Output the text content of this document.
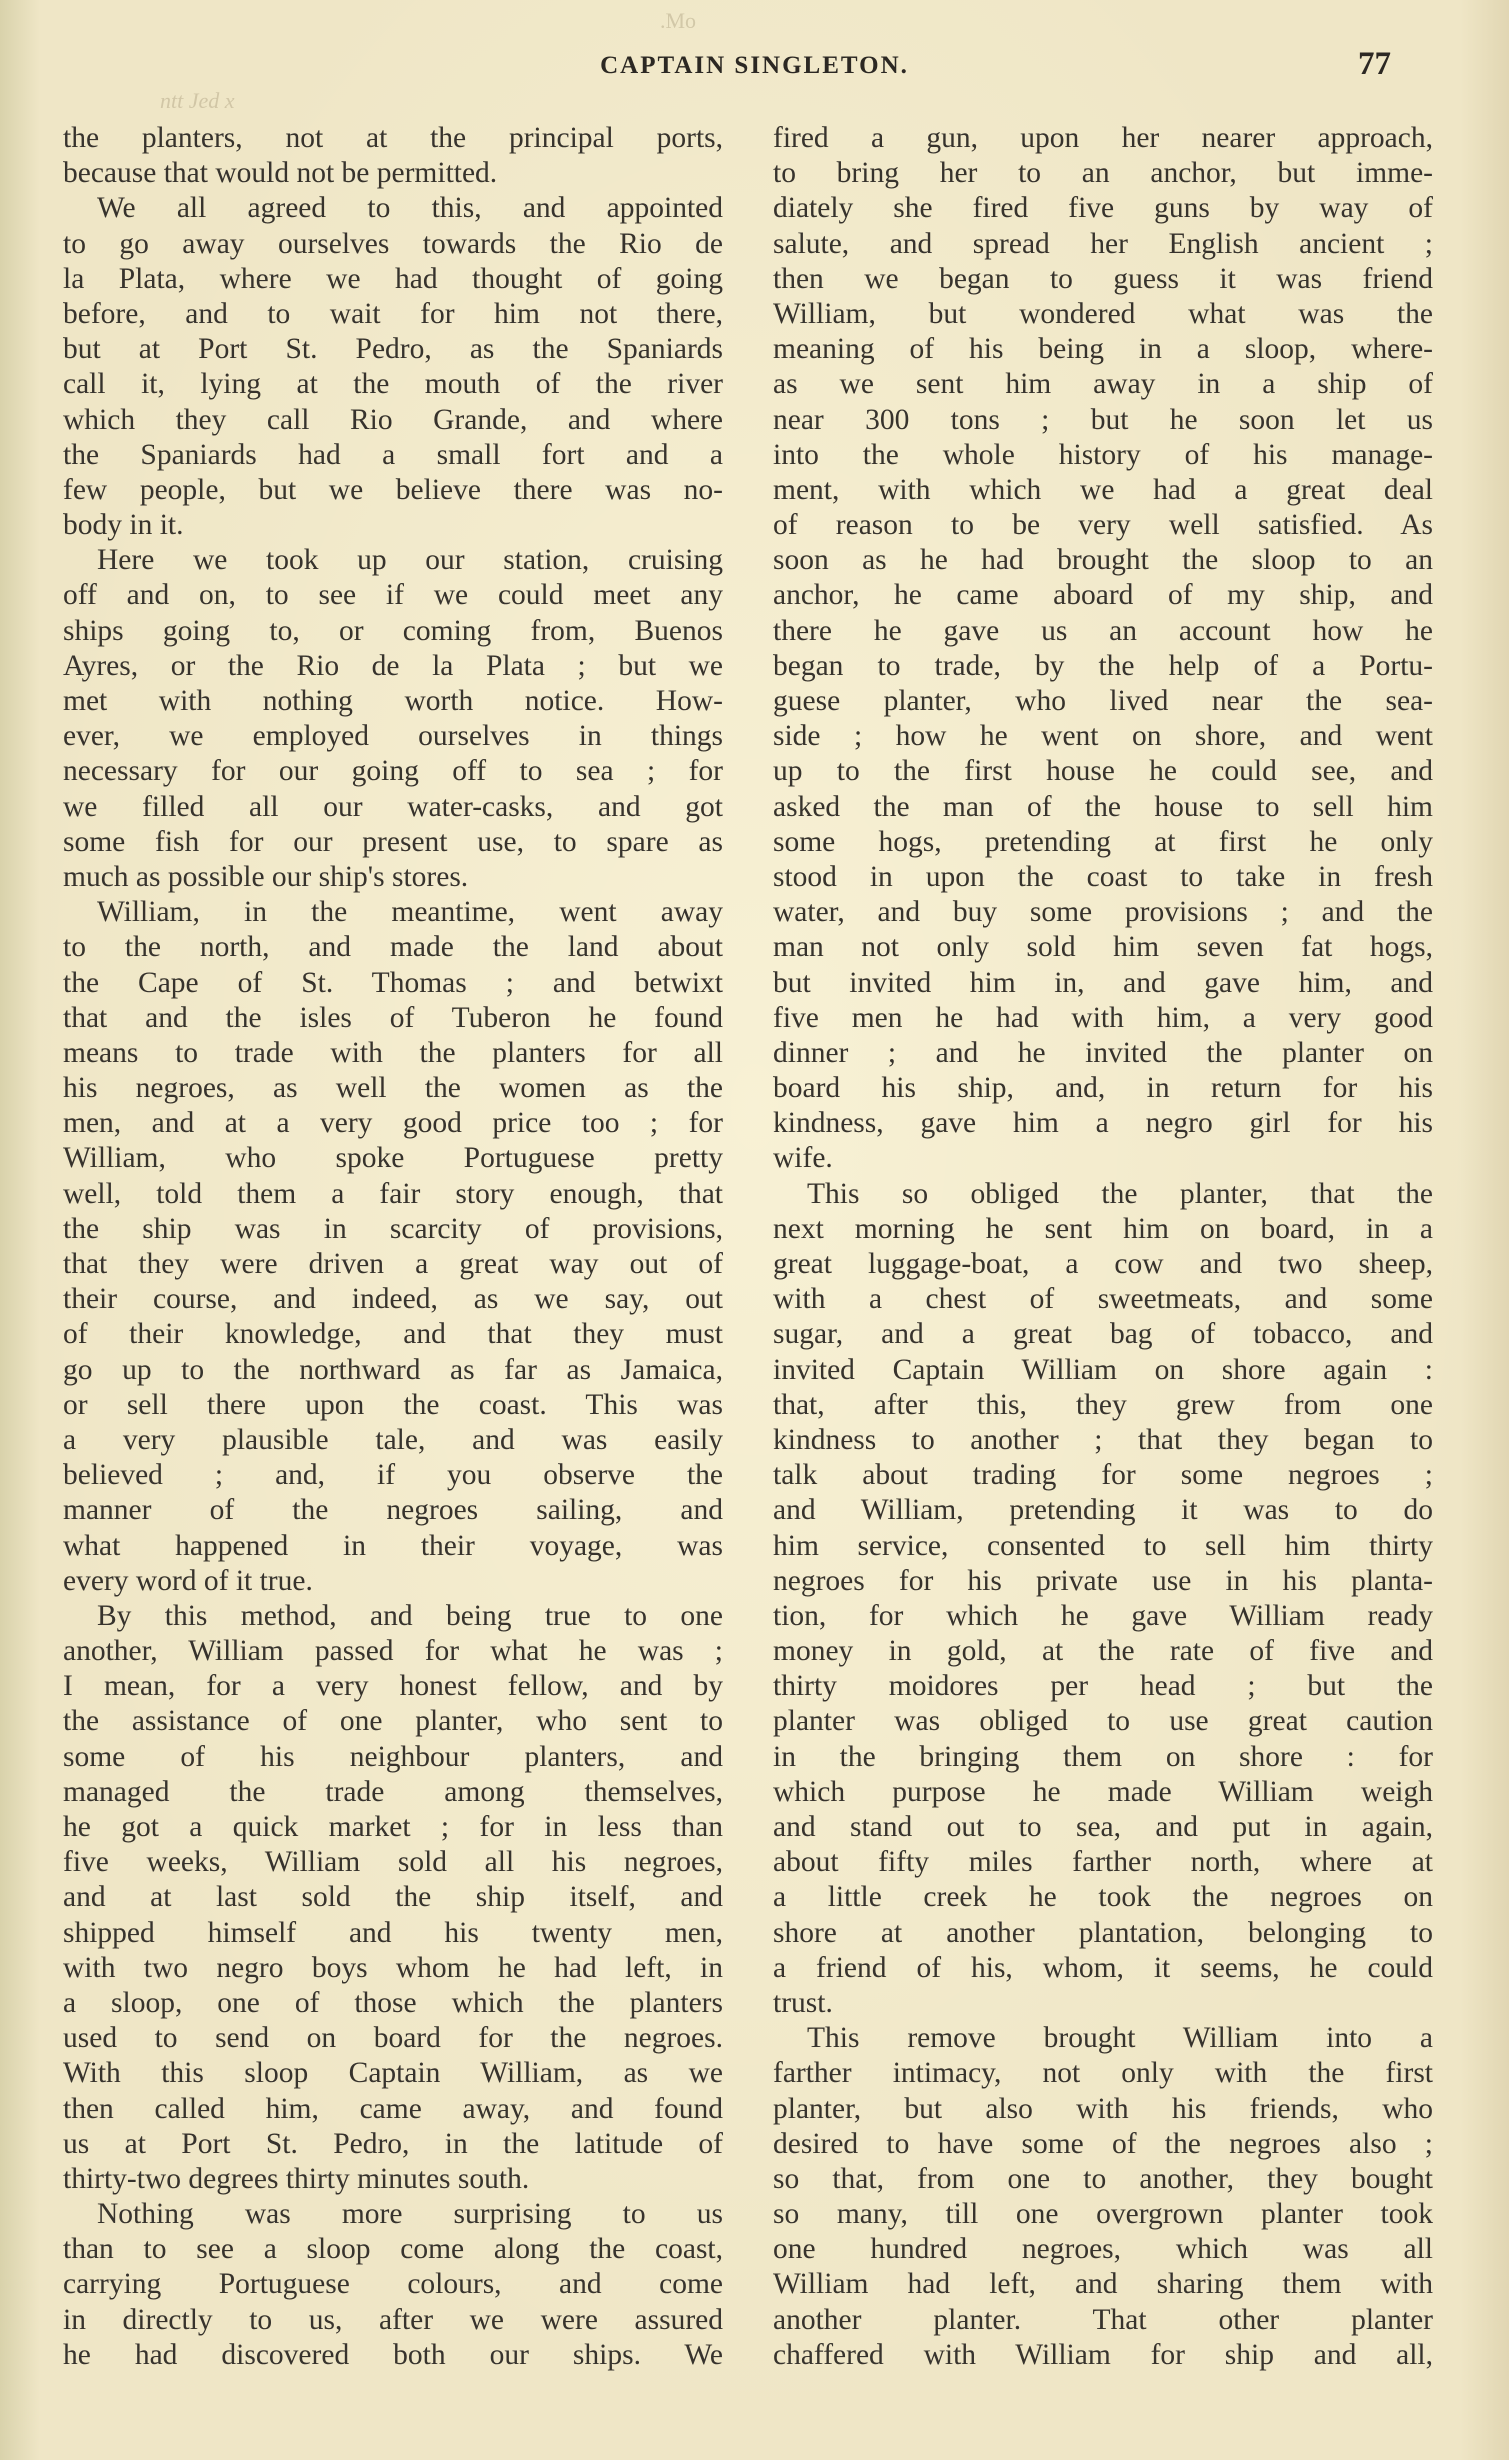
.Mo
ntt Jed x
CAPTAIN SINGLETON.	77
the planters, not at the principal ports,
because that would not be permitted.
We all agreed to this, and appointed
to go away ourselves towards the Rio de
la Plata, where we had thought of going
before, and to wait for him not there,
but at Port St. Pedro, as the Spaniards
call it, lying at the mouth of the river
which they call Rio Grande, and where
the Spaniards had a small fort and a
few people, but we believe there was no-
body in it.
Here we took up our station, cruising
off and on, to see if we could meet any
ships going to, or coming from, Buenos
Ayres, or the Rio de la Plata ; but we
met with nothing worth notice. How-
ever, we employed ourselves in things
necessary for our going off to sea ; for
we filled all our water-casks, and got
some fish for our present use, to spare as
much as possible our ship's stores.
William, in the meantime, went away
to the north, and made the land about
the Cape of St. Thomas ; and betwixt
that and the isles of Tuberon he found
means to trade with the planters for all
his negroes, as well the women as the
men, and at a very good price too ; for
William, who spoke Portuguese pretty
well, told them a fair story enough, that
the ship was in scarcity of provisions,
that they were driven a great way out of
their course, and indeed, as we say, out
of their knowledge, and that they must
go up to the northward as far as Jamaica,
or sell there upon the coast. This was
a very plausible tale, and was easily
believed ; and, if you observe the
manner of the negroes sailing, and
what happened in their voyage, was
every word of it true.
By this method, and being true to one
another, William passed for what he was ;
I mean, for a very honest fellow, and by
the assistance of one planter, who sent to
some of his neighbour planters, and
managed the trade among themselves,
he got a quick market ; for in less than
five weeks, William sold all his negroes,
and at last sold the ship itself, and
shipped himself and his twenty men,
with two negro boys whom he had left, in
a sloop, one of those which the planters
used to send on board for the negroes.
With this sloop Captain William, as we
then called him, came away, and found
us at Port St. Pedro, in the latitude of
thirty-two degrees thirty minutes south.
Nothing was more surprising to us
than to see a sloop come along the coast,
carrying Portuguese colours, and come
in directly to us, after we were assured
he had discovered both our ships. We
fired a gun, upon her nearer approach,
to bring her to an anchor, but imme-
diately she fired five guns by way of
salute, and spread her English ancient ;
then we began to guess it was friend
William, but wondered what was the
meaning of his being in a sloop, where-
as we sent him away in a ship of
near 300 tons ; but he soon let us
into the whole history of his manage-
ment, with which we had a great deal
of reason to be very well satisfied. As
soon as he had brought the sloop to an
anchor, he came aboard of my ship, and
there he gave us an account how he
began to trade, by the help of a Portu-
guese planter, who lived near the sea-
side ; how he went on shore, and went
up to the first house he could see, and
asked the man of the house to sell him
some hogs, pretending at first he only
stood in upon the coast to take in fresh
water, and buy some provisions ; and the
man not only sold him seven fat hogs,
but invited him in, and gave him, and
five men he had with him, a very good
dinner ; and he invited the planter on
board his ship, and, in return for his
kindness, gave him a negro girl for his
wife.
This so obliged the planter, that the
next morning he sent him on board, in a
great luggage-boat, a cow and two sheep,
with a chest of sweetmeats, and some
sugar, and a great bag of tobacco, and
invited Captain William on shore again :
that, after this, they grew from one
kindness to another ; that they began to
talk about trading for some negroes ;
and William, pretending it was to do
him service, consented to sell him thirty
negroes for his private use in his planta-
tion, for which he gave William ready
money in gold, at the rate of five and
thirty moidores per head ; but the
planter was obliged to use great caution
in the bringing them on shore : for
which purpose he made William weigh
and stand out to sea, and put in again,
about fifty miles farther north, where at
a little creek he took the negroes on
shore at another plantation, belonging to
a friend of his, whom, it seems, he could
trust.
This remove brought William into a
farther intimacy, not only with the first
planter, but also with his friends, who
desired to have some of the negroes also ;
so that, from one to another, they bought
so many, till one overgrown planter took
one hundred negroes, which was all
William had left, and sharing them with
another planter. That other planter
chaffered with William for ship and all,
